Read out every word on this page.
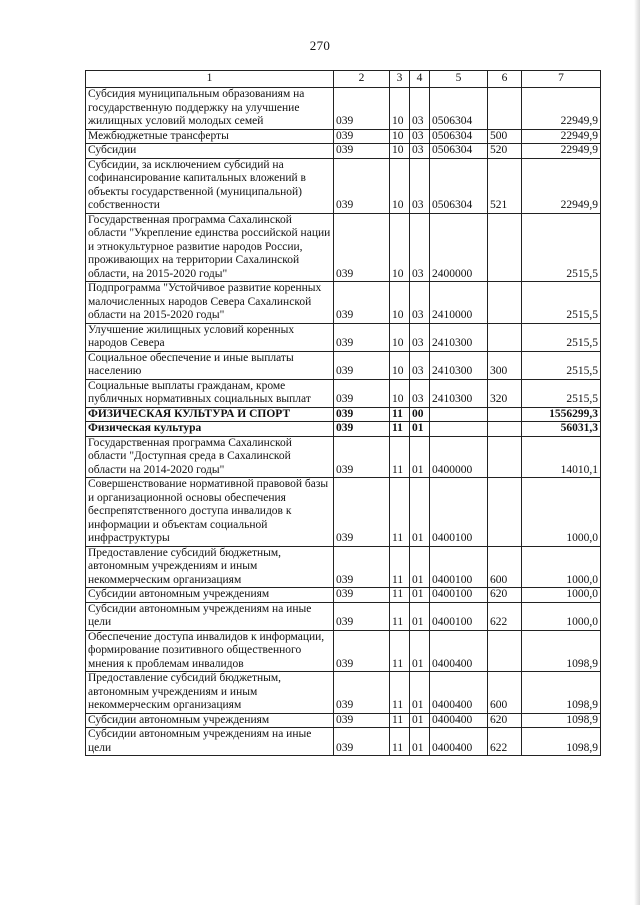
270
1	2	3	4	5	6	7
Субсидия муниципальным образованиям на государственную поддержку на улучшение жилищных условий молодых семей	039	10	03	0506304		22949,9
Межбюджетные трансферты	039	10	03	0506304	500	22949,9
Субсидии	039	10	03	0506304	520	22949,9
Субсидии, за исключением субсидий на софинансирование капитальных вложений в объекты государственной (муниципальной) собственности	039	10	03	0506304	521	22949,9
Государственная программа Сахалинской области "Укрепление единства российской нации и этнокультурное развитие народов России, проживающих на территории Сахалинской области, на 2015-2020 годы"	039	10	03	2400000		2515,5
Подпрограмма "Устойчивое развитие коренных малочисленных народов Севера Сахалинской области на 2015-2020 годы"	039	10	03	2410000		2515,5
Улучшение жилищных условий коренных народов Севера	039	10	03	2410300		2515,5
Социальное обеспечение и иные выплаты населению	039	10	03	2410300	300	2515,5
Социальные выплаты гражданам, кроме публичных нормативных социальных выплат	039	10	03	2410300	320	2515,5
ФИЗИЧЕСКАЯ КУЛЬТУРА И СПОРТ	039	11	00			1556299,3
Физическая культура	039	11	01			56031,3
Государственная программа Сахалинской области "Доступная среда в Сахалинской области на 2014-2020 годы"	039	11	01	0400000		14010,1
Совершенствование нормативной правовой базы и организационной основы обеспечения беспрепятственного доступа инвалидов к информации и объектам социальной инфраструктуры	039	11	01	0400100		1000,0
Предоставление субсидий бюджетным, автономным учреждениям и иным некоммерческим организациям	039	11	01	0400100	600	1000,0
Субсидии автономным учреждениям	039	11	01	0400100	620	1000,0
Субсидии автономным учреждениям на иные цели	039	11	01	0400100	622	1000,0
Обеспечение доступа инвалидов к информации, формирование позитивного общественного мнения к проблемам инвалидов	039	11	01	0400400		1098,9
Предоставление субсидий бюджетным, автономным учреждениям и иным некоммерческим организациям	039	11	01	0400400	600	1098,9
Субсидии автономным учреждениям	039	11	01	0400400	620	1098,9
Субсидии автономным учреждениям на иные цели	039	11	01	0400400	622	1098,9
